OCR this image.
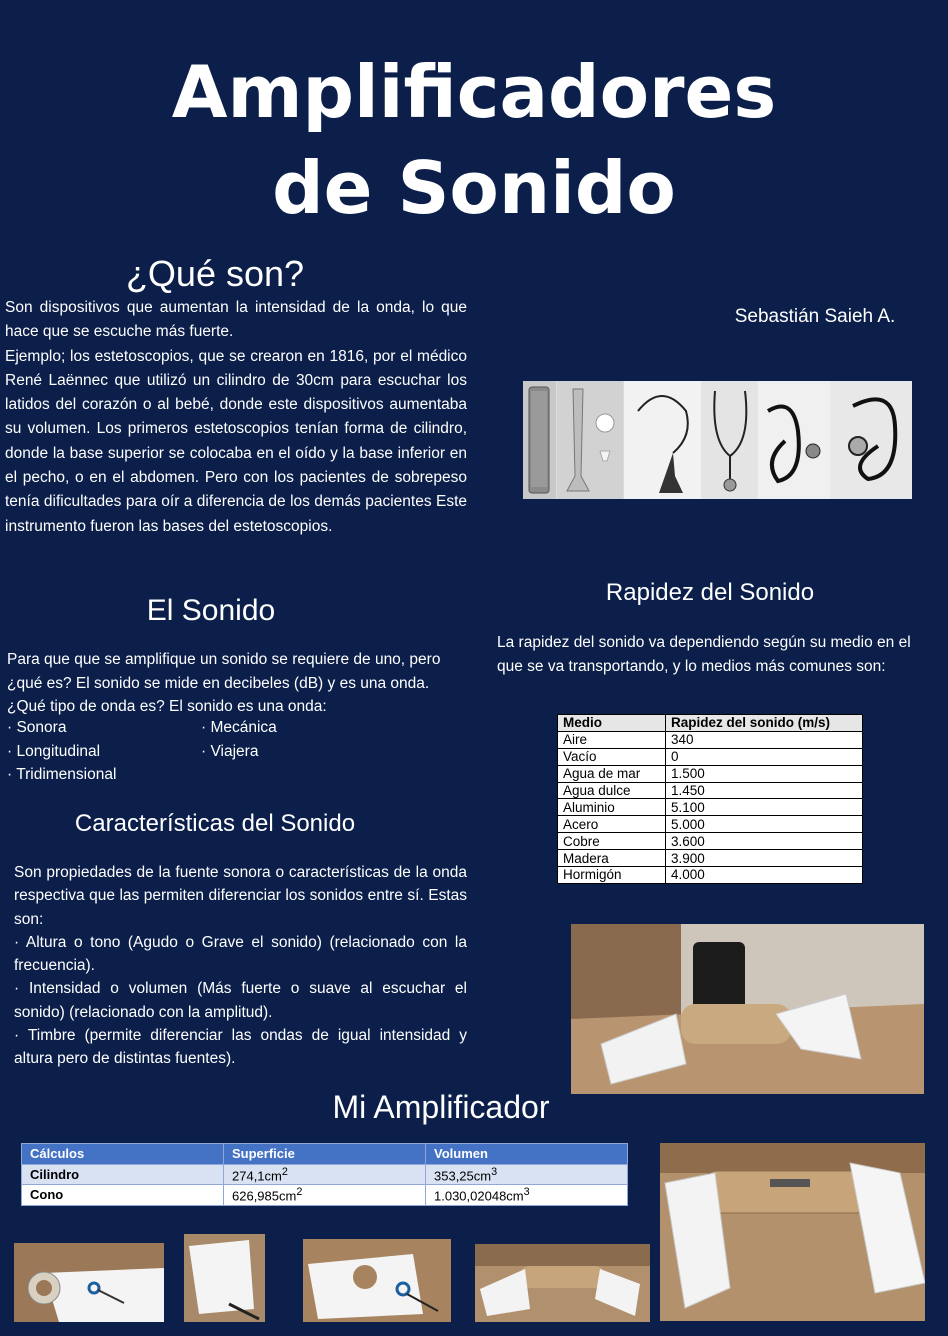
Amplificadores
de Sonido
¿Qué son?

Son dispositivos que aumentan la intensidad de la onda, lo que hace que se escuche más fuerte.

Ejemplo; los estetoscopios, que se crearon en 1816, por el médico René Laënnec que utilizó un cilindro de 30cm para escuchar los latidos del corazón o al bebé, donde este dispositivos aumentaba su volumen. Los primeros estetoscopios tenían forma de cilindro, donde la base superior se colocaba en el oído y la base inferior en el pecho, o en el abdomen. Pero con los pacientes de sobrepeso tenía dificultades para oír a diferencia de los demás pacientes Este instrumento fueron las bases del estetoscopios.

Sebastián Saieh A.
Rapidez del Sonido
La rapidez del sonido va dependiendo según su medio en el que se va transportando, y lo medios más comunes son:
Medio	Rapidez del sonido (m/s)
Aire	340
Vacío	0
Agua de mar	1.500
Agua dulce	1.450
Aluminio	5.100
Acero	5.000
Cobre	3.600
Madera	3.900
Hormigón	4.000
El Sonido
Para que que se amplifique un sonido se requiere de uno, pero ¿qué es? El sonido se mide en decibeles (dB) y es una onda. ¿Qué tipo de onda es? El sonido es una onda:
· Sonora
· Longitudinal
· Tridimensional
· Mecánica
· Viajera
Características del Sonido

Son propiedades de la fuente sonora o características de la onda respectiva que las permiten diferenciar los sonidos entre sí. Estas son:

· Altura o tono (Agudo o Grave el sonido) (relacionado con la frecuencia).

· Intensidad o volumen (Más fuerte o suave al escuchar el sonido) (relacionado con la amplitud).

· Timbre (permite diferenciar las ondas de igual intensidad y altura pero de distintas fuentes).

Mi Amplificador
Cálculos	Superficie	Volumen
Cilindro	$274,1cm^2$	$353,25cm^3$
Cono	$626,985cm^2$	$1.030,02048cm^3$
